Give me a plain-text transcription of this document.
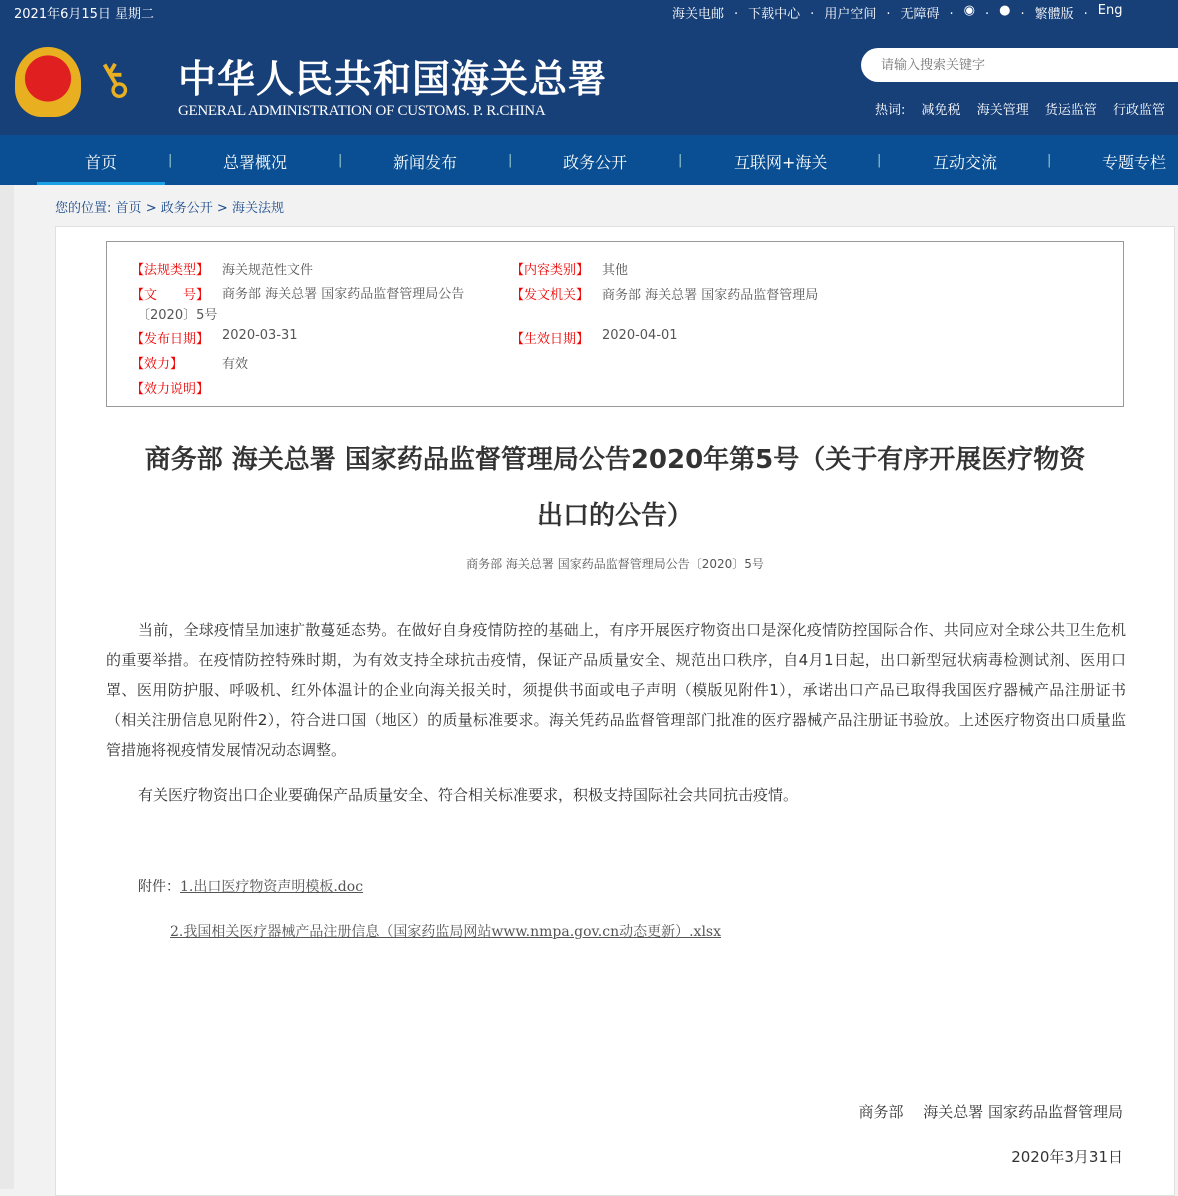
2021年6月15日 星期二	海关电邮 . 下载中心 . 用户空间 . 无障碍 . ◉ . ● . 繁體版 . Eng
⚷ 中华人民共和国海关总署
GENERAL ADMINISTRATION OF CUSTOMS. P. R.CHINA
请输入搜索关键字	热词: 减免税 海关管理 货运监管 行政监管
首页	|	总署概况	|	新闻发布	|	政务公开	|	互联网+海关	|	互动交流	|	专题专栏
您的位置: 首页 > 政务公开 > 海关法规
【法规类型】 海关规范性文件	【内容类别】 其他
【文　　号】 商务部 海关总署 国家药品监督管理局公告〔2020〕5号
【发文机关】 商务部 海关总署 国家药品监督管理局
【发布日期】 2020-03-31	【生效日期】 2020-04-01
【效力】	有效
【效力说明】
商务部 海关总署 国家药品监督管理局公告2020年第5号（关于有序开展医疗物资
出口的公告）
商务部 海关总署 国家药品监督管理局公告〔2020〕5号

当前，全球疫情呈加速扩散蔓延态势。在做好自身疫情防控的基础上，有序开展医疗物资出口是深化疫情防控国际合作、共同应对全球公共卫生危机的重要举措。在疫情防控特殊时期，为有效支持全球抗击疫情，保证产品质量安全、规范出口秩序，自4月1日起，出口新型冠状病毒检测试剂、医用口罩、医用防护服、呼吸机、红外体温计的企业向海关报关时，须提供书面或电子声明（模版见附件1），承诺出口产品已取得我国医疗器械产品注册证书（相关注册信息见附件2），符合进口国（地区）的质量标准要求。海关凭药品监督管理部门批准的医疗器械产品注册证书验放。上述医疗物资出口质量监管措施将视疫情发展情况动态调整。

有关医疗物资出口企业要确保产品质量安全、符合相关标准要求，积极支持国际社会共同抗击疫情。

附件：1.出口医疗物资声明模板.doc
2.我国相关医疗器械产品注册信息（国家药监局网站www.nmpa.gov.cn动态更新）.xlsx
商务部　 海关总署 国家药品监督管理局
2020年3月31日
